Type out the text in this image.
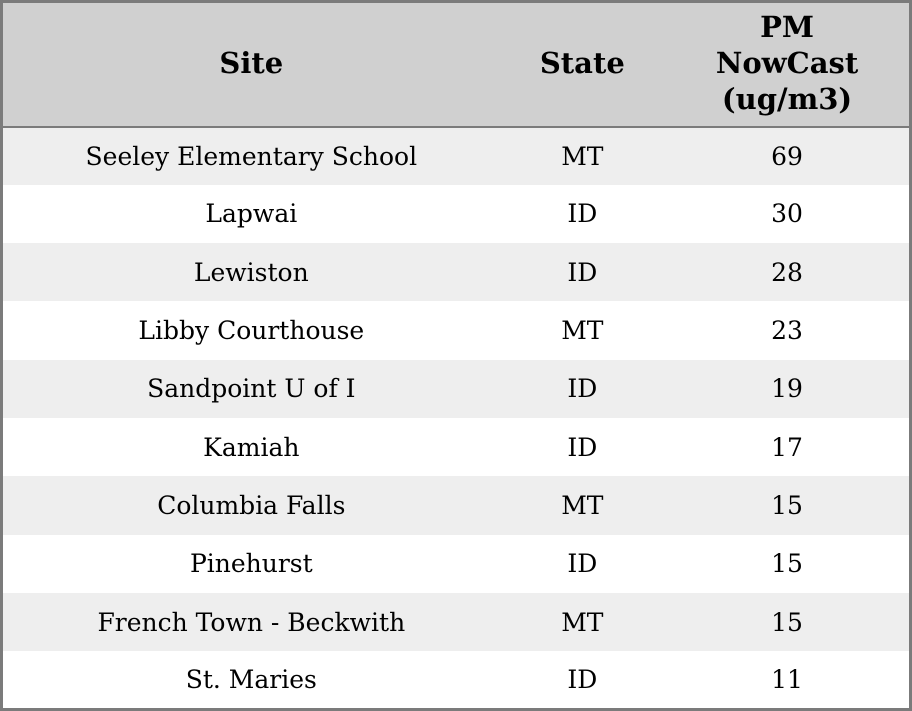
Site	State	PM
NowCast
(ug/m3)

Seeley Elementary School	MT	69
Lapwai	ID	30
Lewiston	ID	28
Libby Courthouse	MT	23
Sandpoint U of I	ID	19
Kamiah	ID	17
Columbia Falls	MT	15
Pinehurst	ID	15
French Town - Beckwith	MT	15
St. Maries	ID	11
